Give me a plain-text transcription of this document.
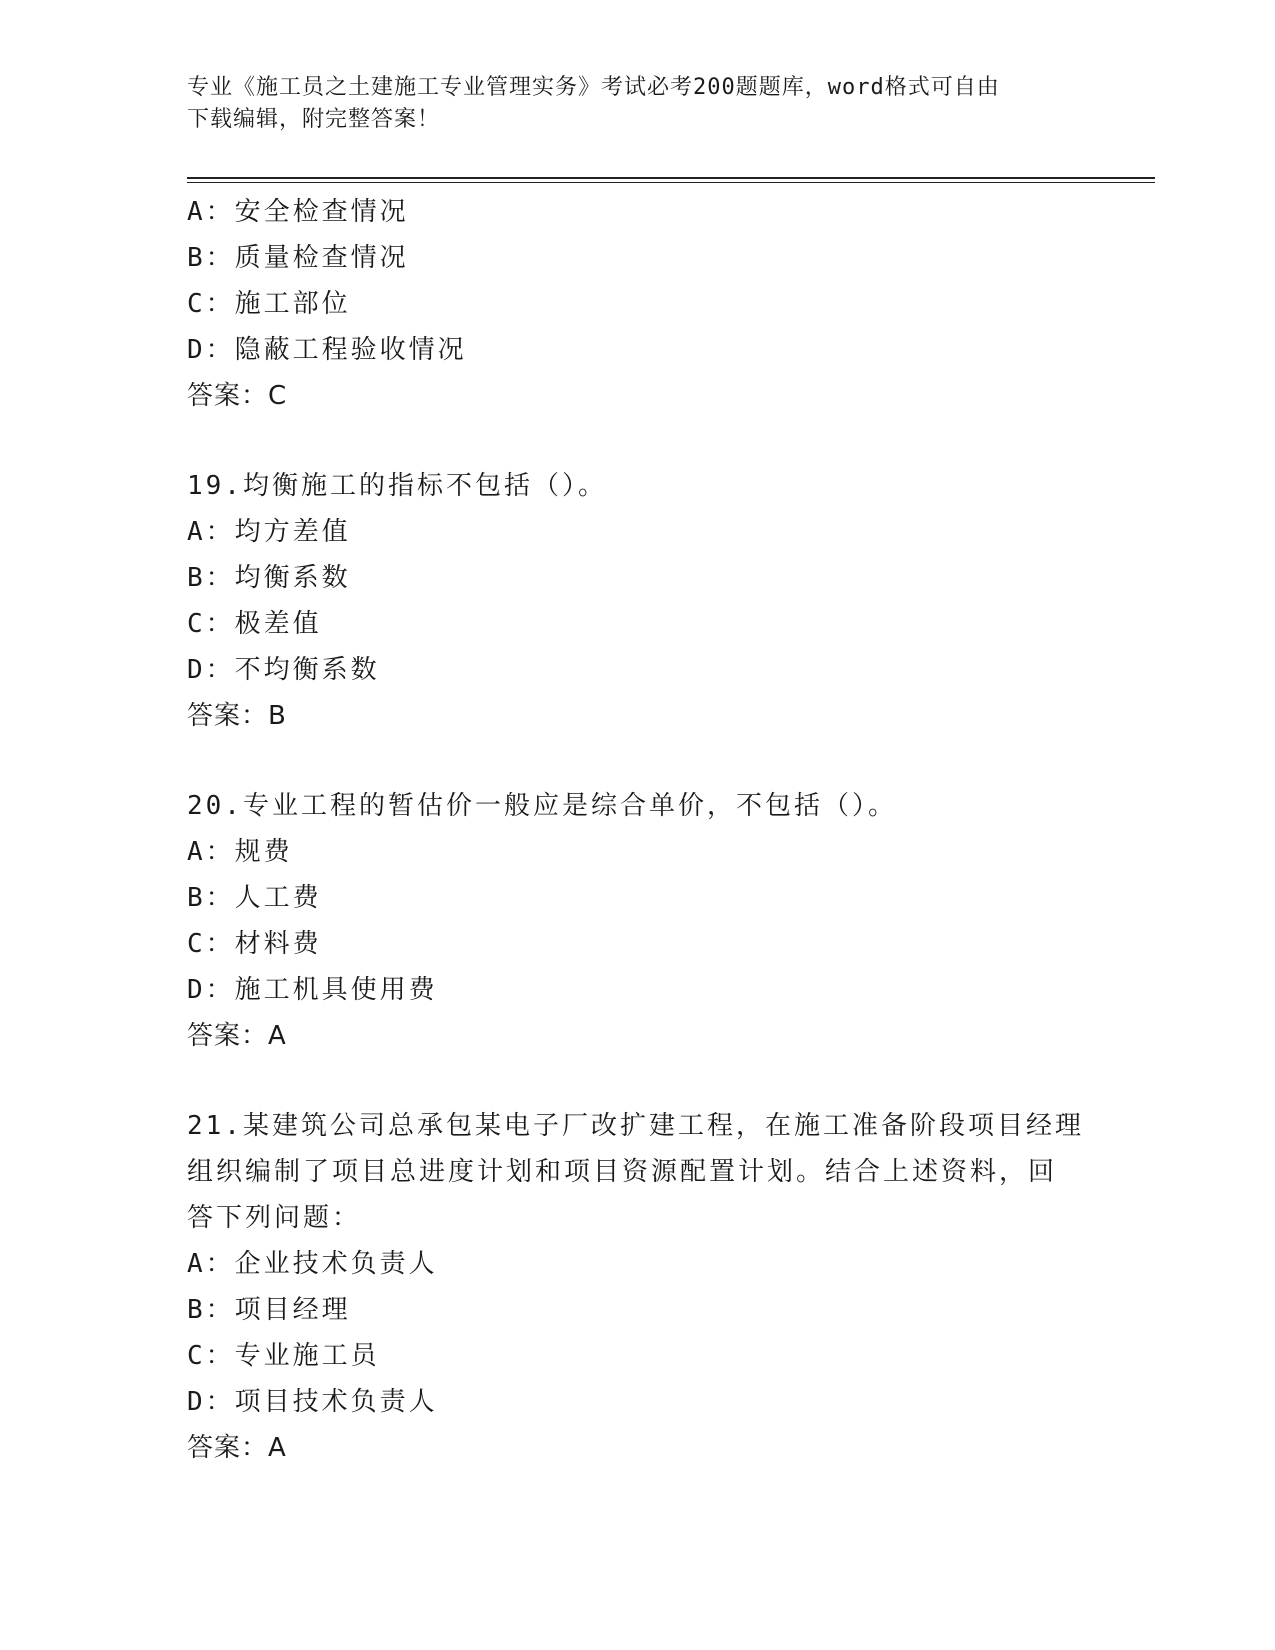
专业《施工员之土建施工专业管理实务》考试必考200题题库，word格式可自由
下载编辑，附完整答案！
A：安全检查情况
B：质量检查情况
C：施工部位
D：隐蔽工程验收情况
答案：C
19.均衡施工的指标不包括（）。
A：均方差值
B：均衡系数
C：极差值
D：不均衡系数
答案：B
20.专业工程的暂估价一般应是综合单价，不包括（）。
A：规费
B：人工费
C：材料费
D：施工机具使用费
答案：A
21.某建筑公司总承包某电子厂改扩建工程，在施工准备阶段项目经理
组织编制了项目总进度计划和项目资源配置计划。结合上述资料，回
答下列问题：
A：企业技术负责人
B：项目经理
C：专业施工员
D：项目技术负责人
答案：A
